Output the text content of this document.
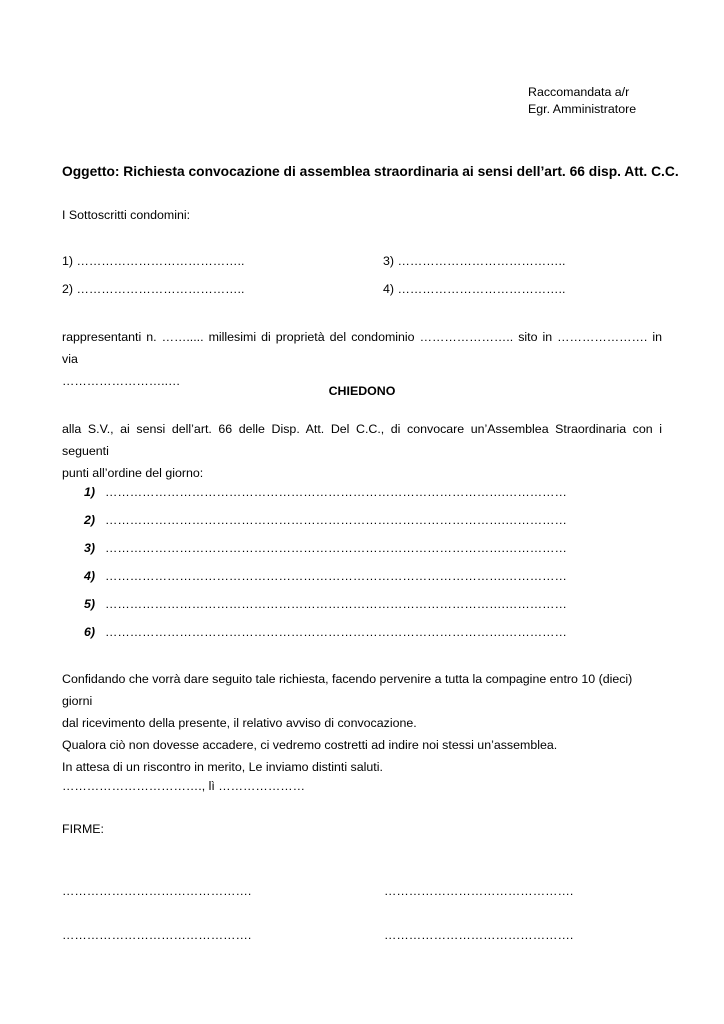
Raccomandata a/r
Egr. Amministratore
Oggetto: Richiesta convocazione di assemblea straordinaria ai sensi dell’art. 66 disp. Att. C.C.
I Sottoscritti condomini:
1) …………………………………..
2) …………………………………..
3) …………………………………..
4) …………………………………..
rappresentanti n. ……..... millesimi di proprietà del condominio ………………….. sito in …………………. in via
……………………..…
CHIEDONO
alla S.V., ai sensi dell’art. 66 delle Disp. Att. Del C.C., di convocare un’Assemblea Straordinaria con i seguenti
punti all’ordine del giorno:
1) …………………………………………………………………………………….……………
2) …………………………………………………………………………………….……………
3) …………………………………………………………………………………….……………
4) …………………………………………………………………………………….……………
5) …………………………………………………………………………………….……………
6) …………………………………………………………………………………….……………

Confidando che vorrà dare seguito tale richiesta, facendo pervenire a tutta la compagine entro 10 (dieci) giorni

dal ricevimento della presente, il relativo avviso di convocazione.

Qualora ciò non dovesse accadere, ci vedremo costretti ad indire noi stessi un’assemblea.

In attesa di un riscontro in merito, Le inviamo distinti saluti.

……………………………., lì …………………
FIRME:
……………………………………….	……………………………………….
……………………………………….	……………………………………….
